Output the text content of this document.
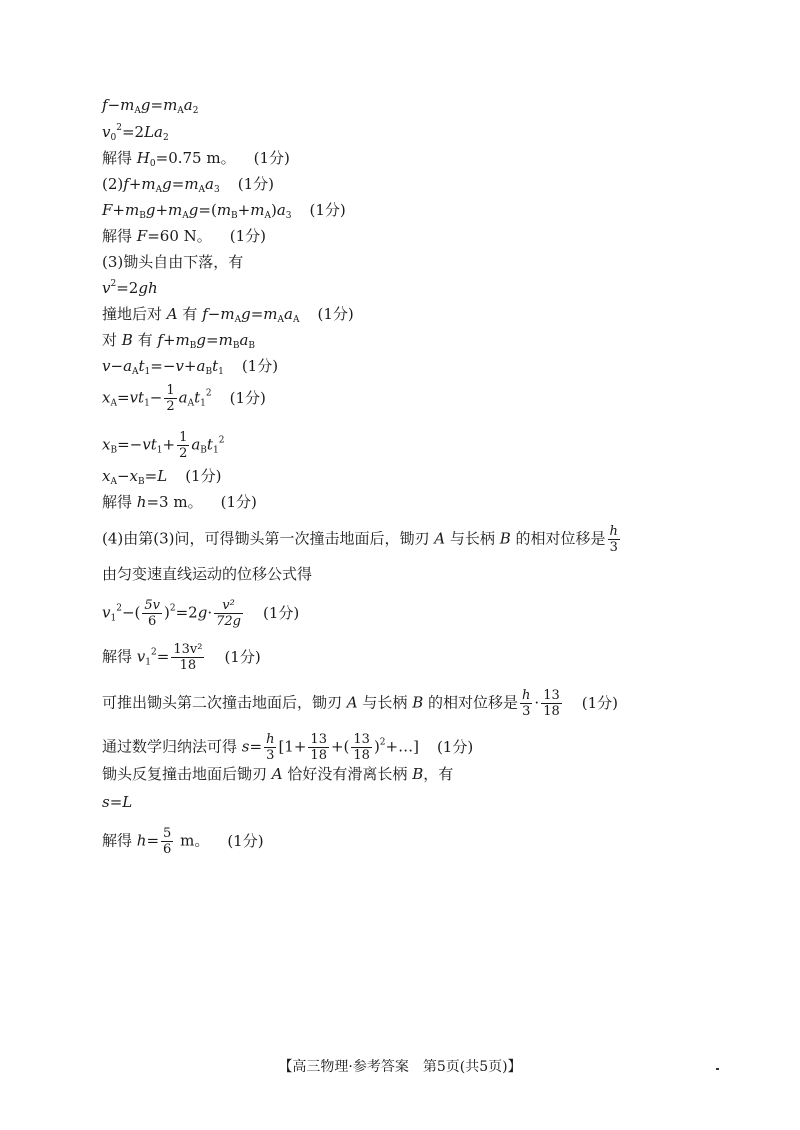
$f-m_Ag=m_Aa_2$
$v_0^2=2La_2$
解得 $H_0=0.75$ m。 (1分)
$(2)f+m_Ag=m_Aa_3$ (1分)
$F+m_Bg+m_Ag=(m_B+m_A)a_3$ (1分)
解得 F=60 N。 (1分)
(3)锄头自由下落，有
$v^2=2gh$
撞地后对 A 有 $f-m_Ag=m_Aa_A$ (1分)
对 B 有 $f+m_Bg=m_Ba_B$
$v-a_At_1=-v+a_Bt_1$ (1分)
$x_A=vt_1- \frac{1}{2} a_At_1^2$ (1分)
$x_B=-vt_1+ \frac{1}{2} a_Bt_1^2$
$x_A-x_B=L$ (1分)
解得 h=3 m。 (1分)
(4)由第(3)问，可得锄头第一次撞击地面后，锄刃 A 与长柄 B 的相对位移是 $\frac{h}{3}$
由匀变速直线运动的位移公式得
$v_1^2-( \frac{5v}{6} )^2=2g\cdot \frac{\text{v²}}{72g} (1$分)
解得 $v_1^2= \frac{\text{13v²}}{18} (1$分)
可推出锄头第二次撞击地面后，锄刃 A 与长柄 B 的相对位移是 $\frac{h}{3} \cdot \frac{13}{18} (1$分)
通过数学归纳法可得 $s= \frac{h}{3} [1+ \frac{13}{18}$ +( $\frac{13}{18}$ )$^2$+…] (1分)
锄头反复撞击地面后锄刃 A 恰好没有滑离长柄 B，有
s=L
解得 $h= \frac{5}{6}$ m。 (1分)
【高三物理·参考答案　第5页(共5页)】
